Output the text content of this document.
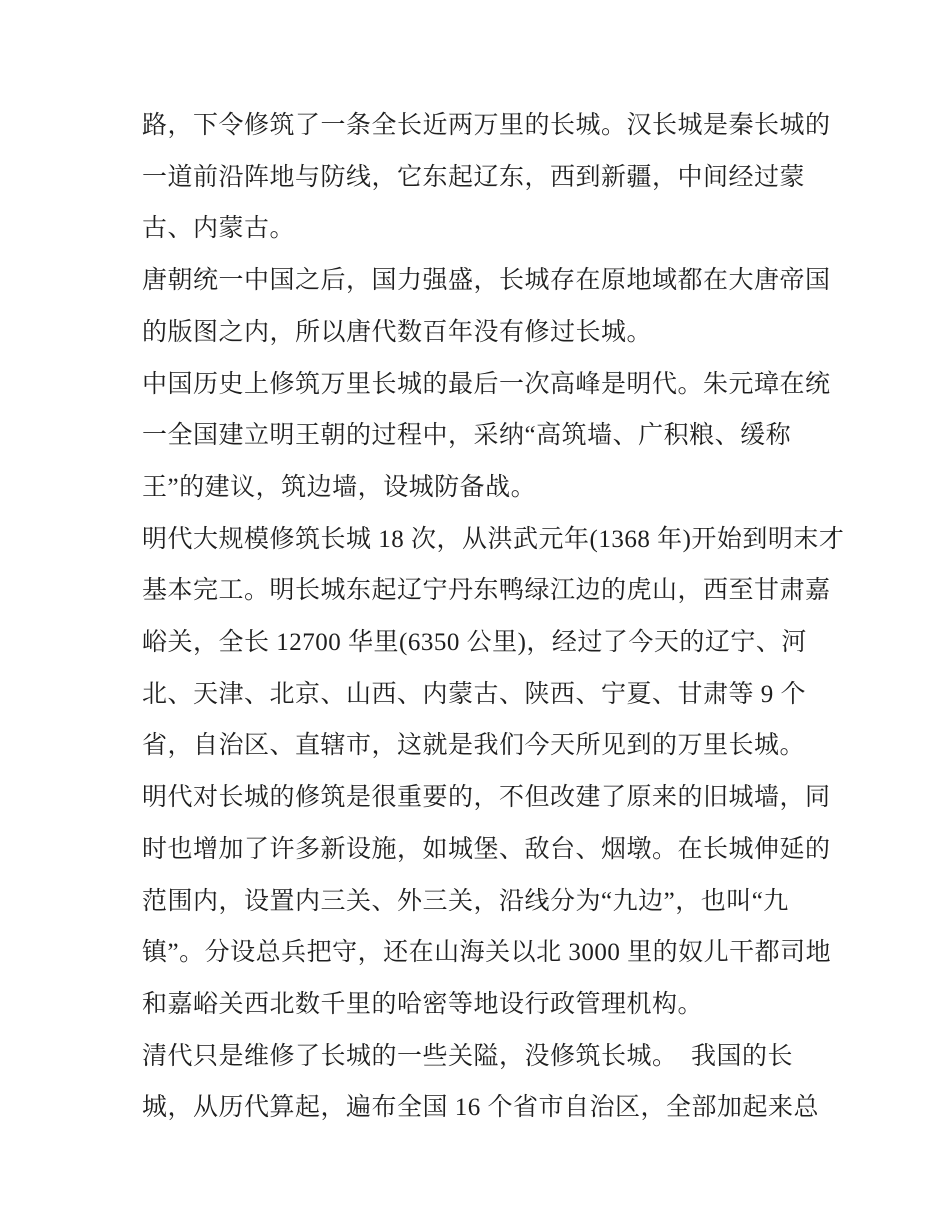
路，下令修筑了一条全长近两万里的长城。汉长城是秦长城的
一道前沿阵地与防线，它东起辽东，西到新疆，中间经过蒙
古、内蒙古。
唐朝统一中国之后，国力强盛，长城存在原地域都在大唐帝国
的版图之内，所以唐代数百年没有修过长城。
中国历史上修筑万里长城的最后一次高峰是明代。朱元璋在统
一全国建立明王朝的过程中，采纳“高筑墙、广积粮、缓称
王”的建议，筑边墙，设城防备战。
明代大规模修筑长城 18 次，从洪武元年(1368 年)开始到明末才
基本完工。明长城东起辽宁丹东鸭绿江边的虎山，西至甘肃嘉
峪关，全长 12700 华里(6350 公里)，经过了今天的辽宁、河
北、天津、北京、山西、内蒙古、陕西、宁夏、甘肃等 9 个
省，自治区、直辖市，这就是我们今天所见到的万里长城。
明代对长城的修筑是很重要的，不但改建了原来的旧城墙，同
时也增加了许多新设施，如城堡、敌台、烟墩。在长城伸延的
范围内，设置内三关、外三关，沿线分为“九边”，也叫“九
镇”。分设总兵把守，还在山海关以北 3000 里的奴儿干都司地
和嘉峪关西北数千里的哈密等地设行政管理机构。
清代只是维修了长城的一些关隘，没修筑长城。  我国的长
城，从历代算起，遍布全国 16 个省市自治区，全部加起来总
